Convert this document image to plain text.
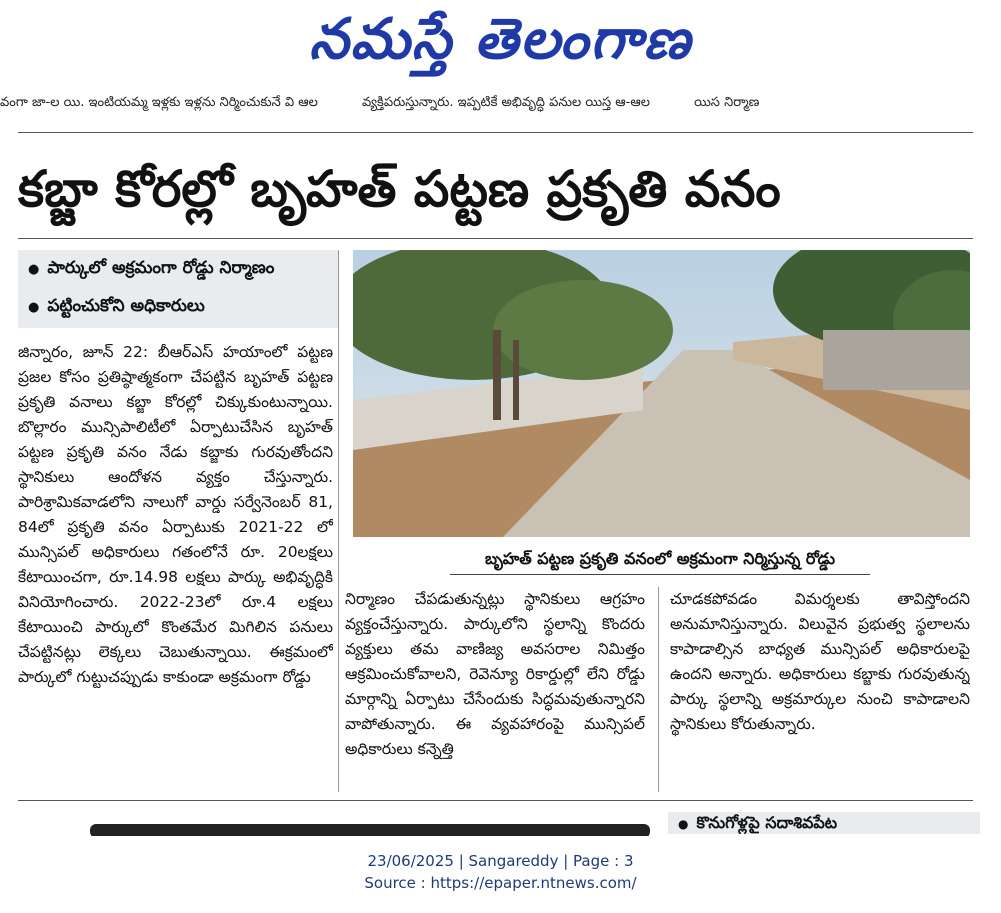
నమస్తే తెలంగాణ
వంగా జా-ల యి. ఇంటియమ్మ ఇళ్లకు ఇళ్లను నిర్మించుకునే వి ఆల	వ్యక్తిపరుస్తున్నారు. ఇప్పటికే అభివృద్ధి పనుల యిస్త ఆ-ఆల	యిస నిర్మాణ
కబ్జా కోరల్లో బృహత్ పట్టణ ప్రకృతి వనం
● పార్కులో అక్రమంగా రోడ్డు నిర్మాణం
● పట్టించుకోని అధికారులు

జిన్నారం, జూన్ 22: బీఆర్ఎస్ హయాంలో పట్టణ ప్రజల కోసం ప్రతిష్ఠాత్మకంగా చేపట్టిన బృహత్ పట్టణ ప్రకృతి వనాలు కబ్జా కోరల్లో చిక్కుకుంటున్నాయి. బొల్లారం మున్సిపాలిటీలో ఏర్పాటుచేసిన బృహత్ పట్టణ ప్రకృతి వనం నేడు కబ్జాకు గురవుతోందని స్థానికులు ఆందోళన వ్యక్తం చేస్తున్నారు. పారిశ్రామికవాడలోని నాలుగో వార్డు సర్వేనెంబర్ 81, 84లో ప్రకృతి వనం ఏర్పాటుకు 2021-22 లో మున్సిపల్ అధికారులు గతంలోనే రూ. 20లక్షలు కేటాయించగా, రూ.14.98 లక్షలు పార్కు అభివృద్ధికి వినియోగించారు. 2022-23లో రూ.4 లక్షలు కేటాయించి పార్కులో కొంతమేర మిగిలిన పనులు చేపట్టినట్లు లెక్కలు చెబుతున్నాయి. ఈక్రమంలో పార్కులో గుట్టుచప్పుడు కాకుండా అక్రమంగా రోడ్డు

బృహత్ పట్టణ ప్రకృతి వనంలో అక్రమంగా నిర్మిస్తున్న రోడ్డు

నిర్మాణం చేపడుతున్నట్లు స్థానికులు ఆగ్రహం వ్యక్తంచేస్తున్నారు. పార్కులోని స్థలాన్ని కొందరు వ్యక్తులు తమ వాణిజ్య అవసరాల నిమిత్తం ఆక్రమించుకోవాలని, రెవెన్యూ రికార్డుల్లో లేని రోడ్డు మార్గాన్ని ఏర్పాటు చేసేందుకు సిద్ధమవుతున్నారని వాపోతున్నారు. ఈ వ్యవహారంపై మున్సిపల్ అధికారులు కన్నెత్తి

చూడకపోవడం విమర్శలకు తావిస్తోందని అనుమానిస్తున్నారు. విలువైన ప్రభుత్వ స్థలాలను కాపాడాల్సిన బాధ్యత మున్సిపల్ అధికారులపై ఉందని అన్నారు. అధికారులు కబ్జాకు గురవుతున్న పార్కు స్థలాన్ని అక్రమార్కుల నుంచి కాపాడాలని స్థానికులు కోరుతున్నారు.

● కొనుగోళ్లపై సదాశివపేట
23/06/2025 | Sangareddy | Page : 3
Source : https://epaper.ntnews.com/
